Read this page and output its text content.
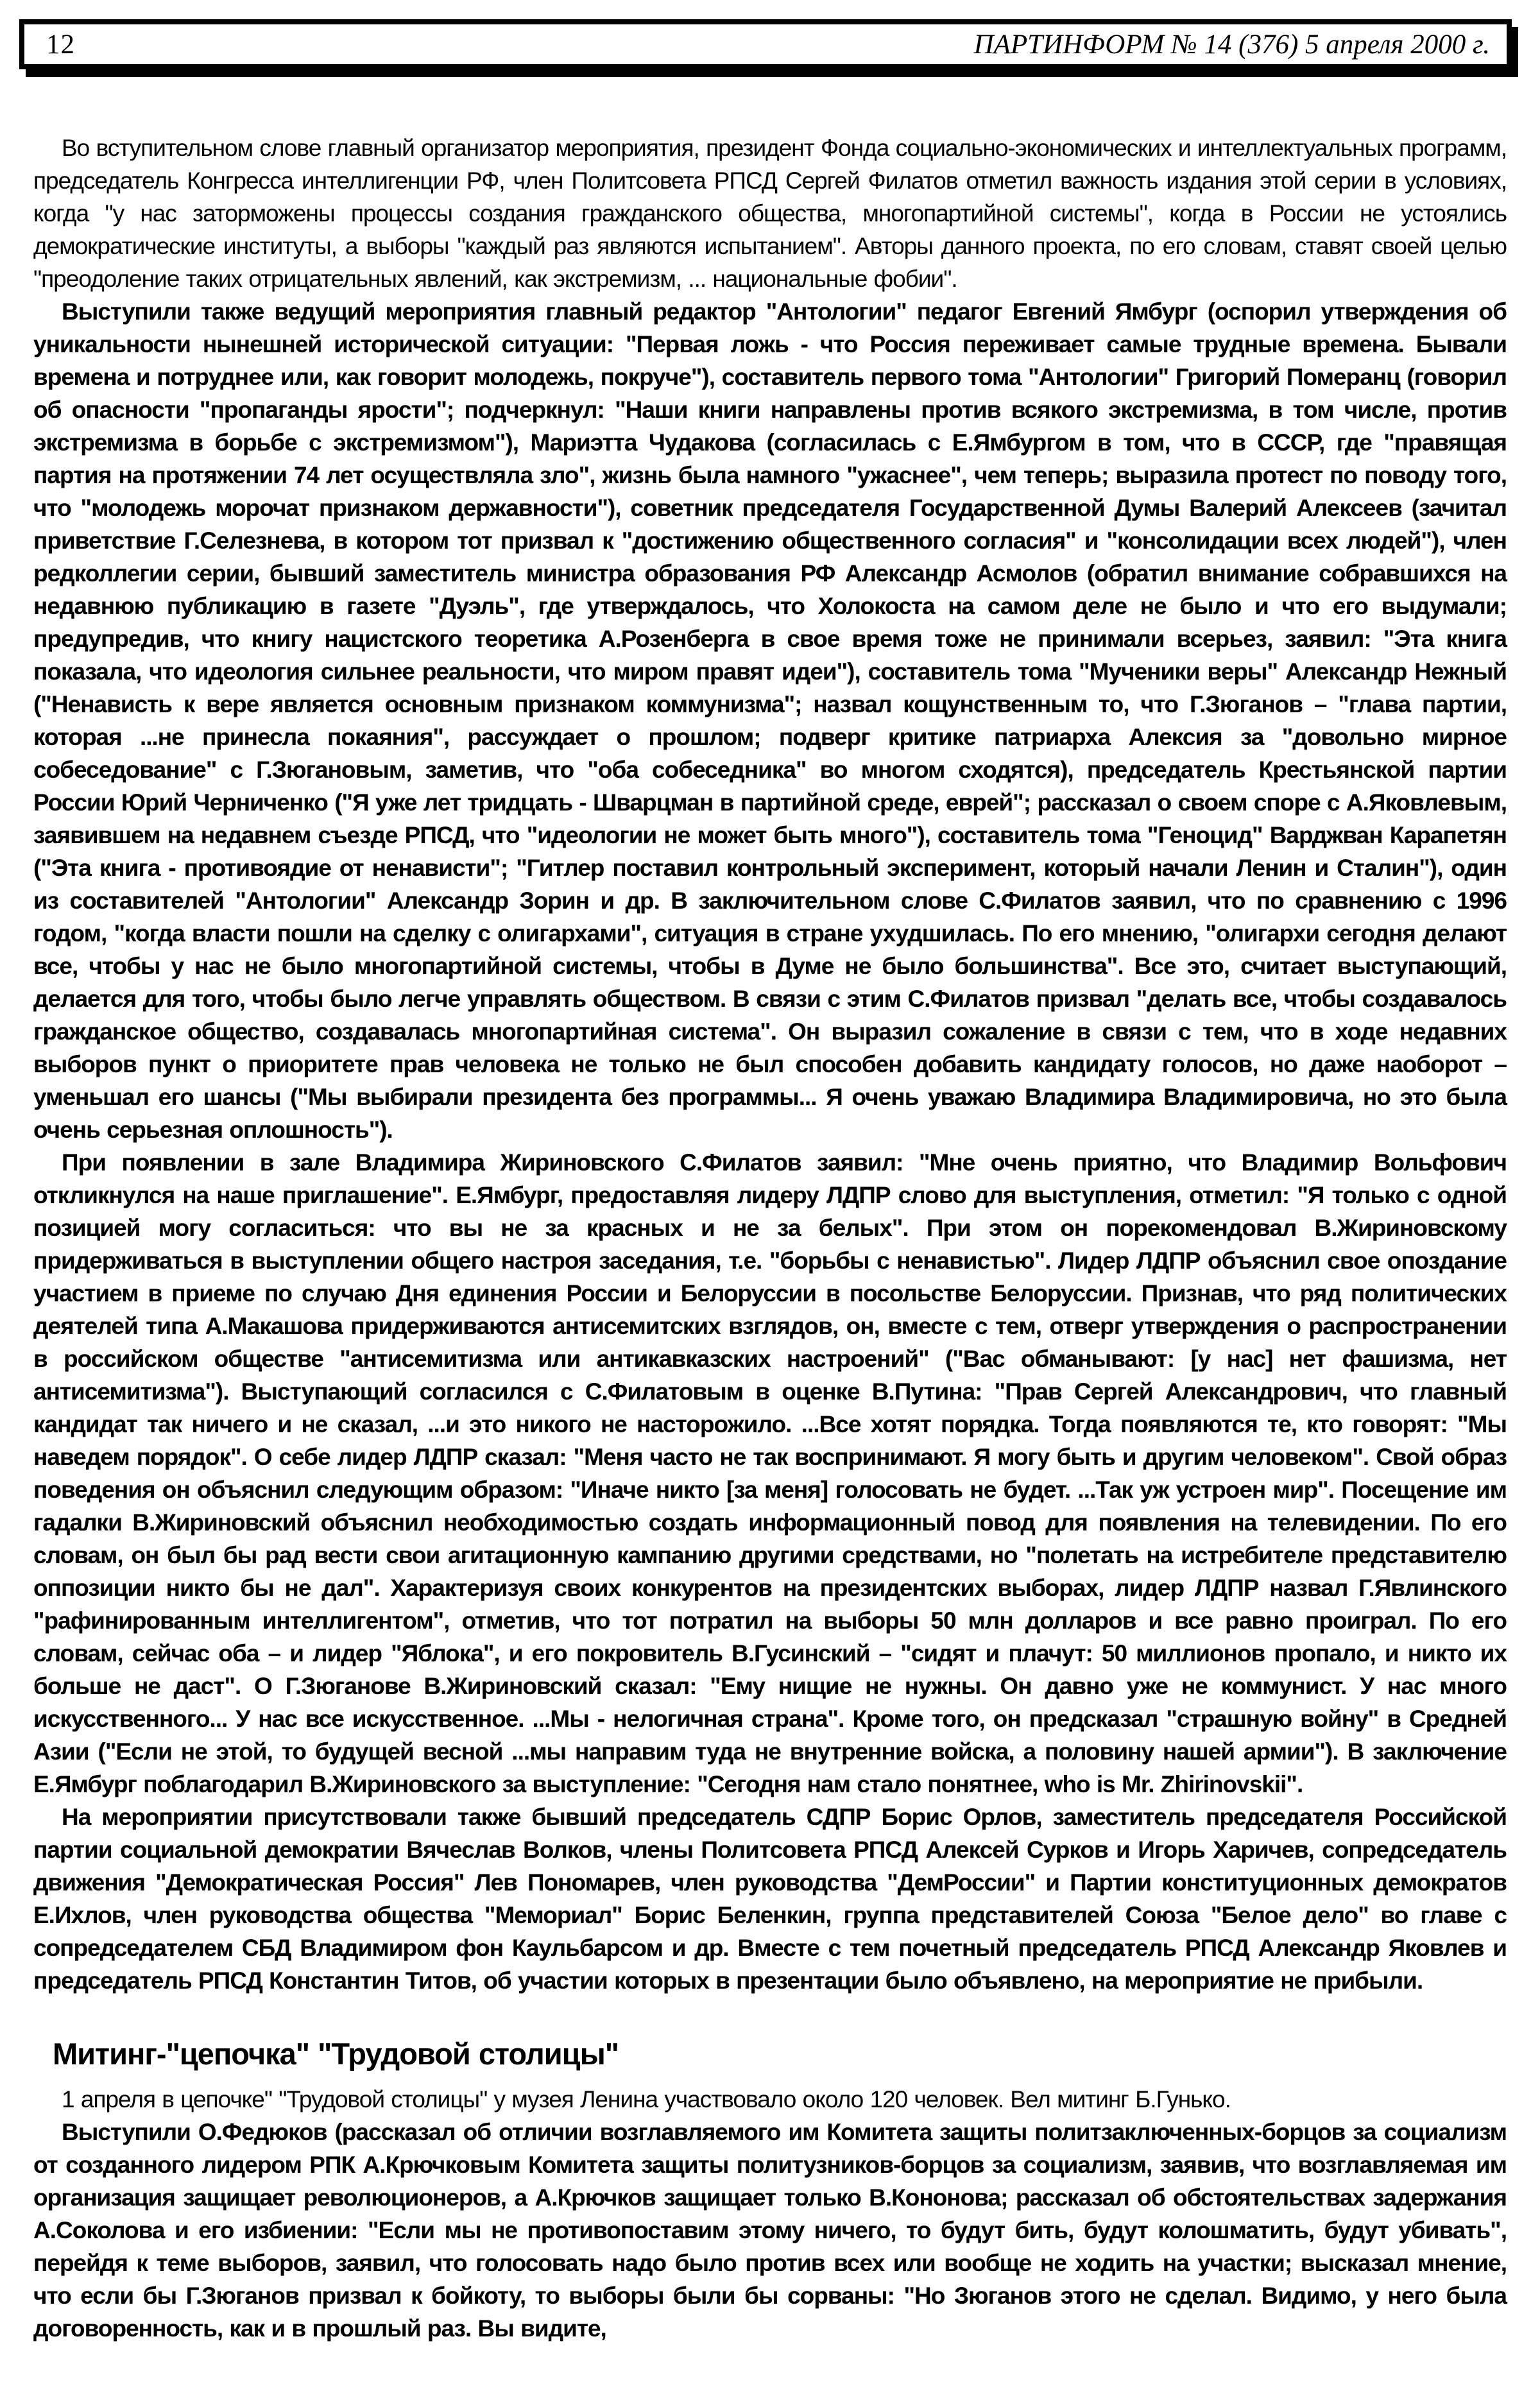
12	ПАРТИНФОРМ № 14 (376) 5 апреля 2000 г.

Во вступительном слове главный организатор мероприятия, президент Фонда социально-экономических и интеллектуальных программ, председатель Конгресса интеллигенции РФ, член Политсовета РПСД Сергей Филатов отметил важность издания этой серии в условиях, когда "у нас заторможены процессы создания гражданского общества, многопартийной системы", когда в России не устоялись демократические институты, а выборы "каждый раз являются испытанием". Авторы данного проекта, по его словам, ставят своей целью "преодоление таких отрицательных явлений, как экстремизм, ... национальные фобии".

Выступили также ведущий мероприятия главный редактор "Антологии" педагог Евгений Ямбург (оспорил утверждения об уникальности нынешней исторической ситуации: "Первая ложь - что Россия переживает самые трудные времена. Бывали времена и потруднее или, как говорит молодежь, покруче"), составитель первого тома "Антологии" Григорий Померанц (говорил об опасности "пропаганды ярости"; подчеркнул: "Наши книги направлены против всякого экстремизма, в том числе, против экстремизма в борьбе с экстремизмом"), Мариэтта Чудакова (согласилась с Е.Ямбургом в том, что в СССР, где "правящая партия на протяжении 74 лет осуществляла зло", жизнь была намного "ужаснее", чем теперь; выразила протест по поводу того, что "молодежь морочат признаком державности"), советник председателя Государственной Думы Валерий Алексеев (зачитал приветствие Г.Селезнева, в котором тот призвал к "достижению общественного согласия" и "консолидации всех людей"), член редколлегии серии, бывший заместитель министра образования РФ Александр Асмолов (обратил внимание собравшихся на недавнюю публикацию в газете "Дуэль", где утверждалось, что Холокоста на самом деле не было и что его выдумали; предупредив, что книгу нацистского теоретика А.Розенберга в свое время тоже не принимали всерьез, заявил: "Эта книга показала, что идеология сильнее реальности, что миром правят идеи"), составитель тома "Мученики веры" Александр Нежный ("Ненависть к вере является основным признаком коммунизма"; назвал кощунственным то, что Г.Зюганов – "глава партии, которая ...не принесла покаяния", рассуждает о прошлом; подверг критике патриарха Алексия за "довольно мирное собеседование" с Г.Зюгановым, заметив, что "оба собеседника" во многом сходятся), председатель Крестьянской партии России Юрий Черниченко ("Я уже лет тридцать - Шварцман в партийной среде, еврей"; рассказал о своем споре с А.Яковлевым, заявившем на недавнем съезде РПСД, что "идеологии не может быть много"), составитель тома "Геноцид" Варджван Карапетян ("Эта книга - противоядие от ненависти"; "Гитлер поставил контрольный эксперимент, который начали Ленин и Сталин"), один из составителей "Антологии" Александр Зорин и др. В заключительном слове С.Филатов заявил, что по сравнению с 1996 годом, "когда власти пошли на сделку с олигархами", ситуация в стране ухудшилась. По его мнению, "олигархи сегодня делают все, чтобы у нас не было многопартийной системы, чтобы в Думе не было большинства". Все это, считает выступающий, делается для того, чтобы было легче управлять обществом. В связи с этим С.Филатов призвал "делать все, чтобы создавалось гражданское общество, создавалась многопартийная система". Он выразил сожаление в связи с тем, что в ходе недавних выборов пункт о приоритете прав человека не только не был способен добавить кандидату голосов, но даже наоборот – уменьшал его шансы ("Мы выбирали президента без программы... Я очень уважаю Владимира Владимировича, но это была очень серьезная оплошность").

При появлении в зале Владимира Жириновского С.Филатов заявил: "Мне очень приятно, что Владимир Вольфович откликнулся на наше приглашение". Е.Ямбург, предоставляя лидеру ЛДПР слово для выступления, отметил: "Я только с одной позицией могу согласиться: что вы не за красных и не за белых". При этом он порекомендовал В.Жириновскому придерживаться в выступлении общего настроя заседания, т.е. "борьбы с ненавистью". Лидер ЛДПР объяснил свое опоздание участием в приеме по случаю Дня единения России и Белоруссии в посольстве Белоруссии. Признав, что ряд политических деятелей типа А.Макашова придерживаются антисемитских взглядов, он, вместе с тем, отверг утверждения о распространении в российском обществе "антисемитизма или антикавказских настроений" ("Вас обманывают: [у нас] нет фашизма, нет антисемитизма"). Выступающий согласился с С.Филатовым в оценке В.Путина: "Прав Сергей Александрович, что главный кандидат так ничего и не сказал, ...и это никого не насторожило. ...Все хотят порядка. Тогда появляются те, кто говорят: "Мы наведем порядок". О себе лидер ЛДПР сказал: "Меня часто не так воспринимают. Я могу быть и другим человеком". Свой образ поведения он объяснил следующим образом: "Иначе никто [за меня] голосовать не будет. ...Так уж устроен мир". Посещение им гадалки В.Жириновский объяснил необходимостью создать информационный повод для появления на телевидении. По его словам, он был бы рад вести свои агитационную кампанию другими средствами, но "полетать на истребителе представителю оппозиции никто бы не дал". Характеризуя своих конкурентов на президентских выборах, лидер ЛДПР назвал Г.Явлинского "рафинированным интеллигентом", отметив, что тот потратил на выборы 50 млн долларов и все равно проиграл. По его словам, сейчас оба – и лидер "Яблока", и его покровитель В.Гусинский – "сидят и плачут: 50 миллионов пропало, и никто их больше не даст". О Г.Зюганове В.Жириновский сказал: "Ему нищие не нужны. Он давно уже не коммунист. У нас много искусственного... У нас все искусственное. ...Мы - нелогичная страна". Кроме того, он предсказал "страшную войну" в Средней Азии ("Если не этой, то будущей весной ...мы направим туда не внутренние войска, а половину нашей армии"). В заключение Е.Ямбург поблагодарил В.Жириновского за выступление: "Сегодня нам стало понятнее, who is Mr. Zhirinovskii".

На мероприятии присутствовали также бывший председатель СДПР Борис Орлов, заместитель председателя Российской партии социальной демократии Вячеслав Волков, члены Политсовета РПСД Алексей Сурков и Игорь Харичев, сопредседатель движения "Демократическая Россия" Лев Пономарев, член руководства "ДемРоссии" и Партии конституционных демократов Е.Ихлов, член руководства общества "Мемориал" Борис Беленкин, группа представителей Союза "Белое дело" во главе с сопредседателем СБД Владимиром фон Каульбарсом и др. Вместе с тем почетный председатель РПСД Александр Яковлев и председатель РПСД Константин Титов, об участии которых в презентации было объявлено, на мероприятие не прибыли.

Митинг-"цепочка" "Трудовой столицы"

1 апреля в цепочке" "Трудовой столицы" у музея Ленина участвовало около 120 человек. Вел митинг Б.Гунько.

Выступили О.Федюков (рассказал об отличии возглавляемого им Комитета защиты политзаключенных-борцов за социализм от созданного лидером РПК А.Крючковым Комитета защиты политузников-борцов за социализм, заявив, что возглавляемая им организация защищает революционеров, а А.Крючков защищает только В.Кононова; рассказал об обстоятельствах задержания А.Соколова и его избиении: "Если мы не противопоставим этому ничего, то будут бить, будут колошматить, будут убивать", перейдя к теме выборов, заявил, что голосовать надо было против всех или вообще не ходить на участки; высказал мнение, что если бы Г.Зюганов призвал к бойкоту, то выборы были бы сорваны: "Но Зюганов этого не сделал. Видимо, у него была договоренность, как и в прошлый раз. Вы видите,
